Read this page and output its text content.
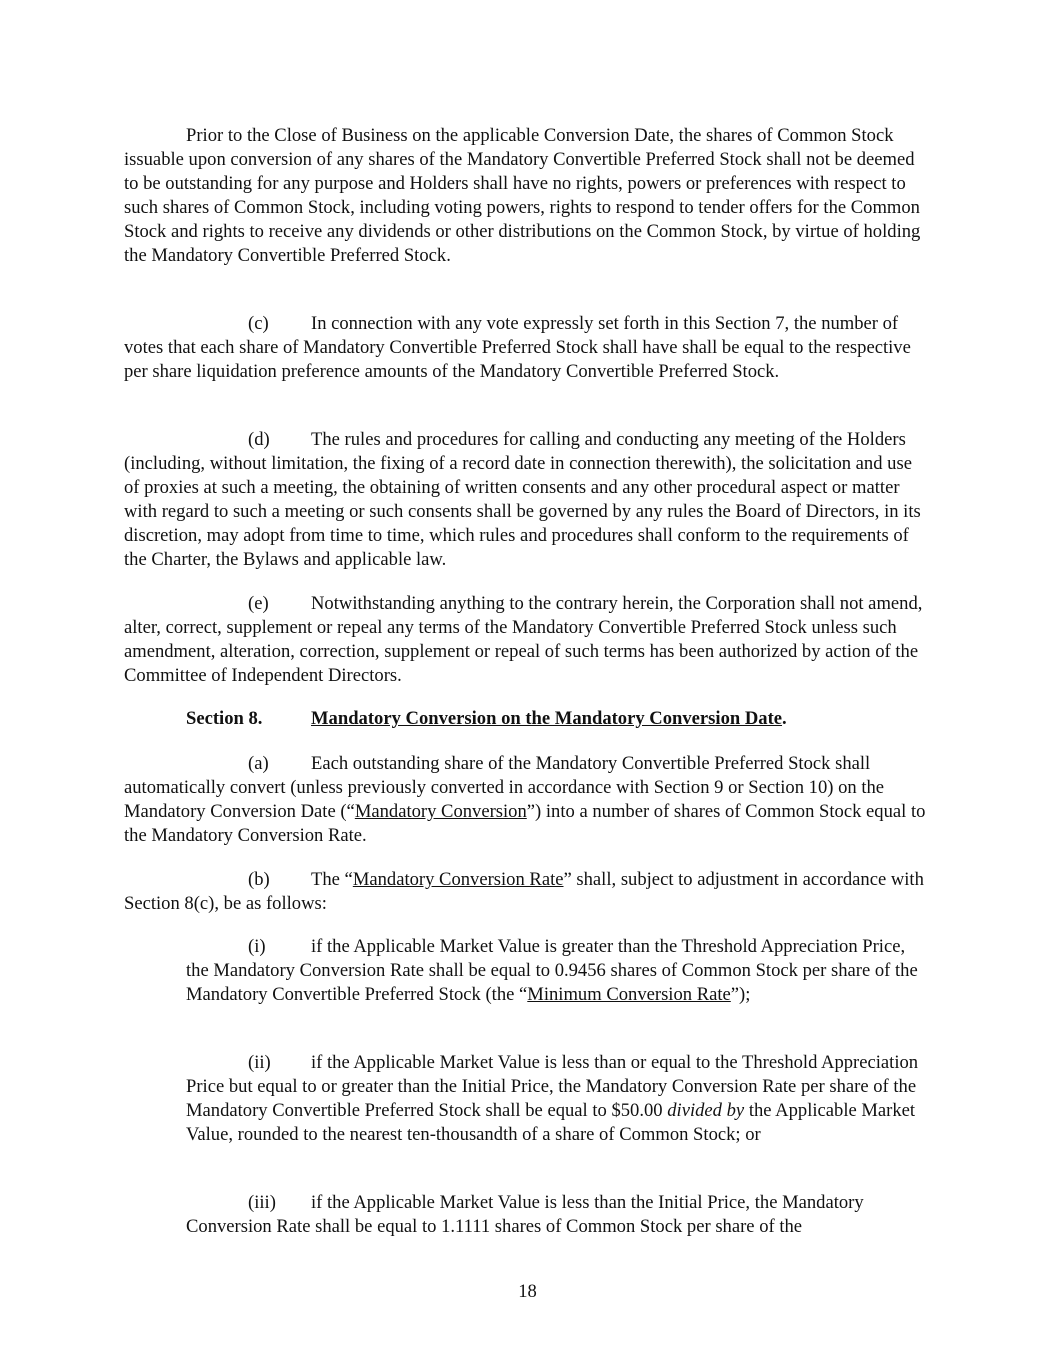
Prior to the Close of Business on the applicable Conversion Date, the shares of Common Stock issuable upon conversion of any shares of the Mandatory Convertible Preferred Stock shall not be deemed to be outstanding for any purpose and Holders shall have no rights, powers or preferences with respect to such shares of Common Stock, including voting powers, rights to respond to tender offers for the Common Stock and rights to receive any dividends or other distributions on the Common Stock, by virtue of holding the Mandatory Convertible Preferred Stock.

(c) In connection with any vote expressly set forth in this Section 7, the number of votes that each share of Mandatory Convertible Preferred Stock shall have shall be equal to the respective per share liquidation preference amounts of the Mandatory Convertible Preferred Stock.

(d) The rules and procedures for calling and conducting any meeting of the Holders (including, without limitation, the fixing of a record date in connection therewith), the solicitation and use of proxies at such a meeting, the obtaining of written consents and any other procedural aspect or matter with regard to such a meeting or such consents shall be governed by any rules the Board of Directors, in its discretion, may adopt from time to time, which rules and procedures shall conform to the requirements of the Charter, the Bylaws and applicable law.

(e) Notwithstanding anything to the contrary herein, the Corporation shall not amend, alter, correct, supplement or repeal any terms of the Mandatory Convertible Preferred Stock unless such amendment, alteration, correction, supplement or repeal of such terms has been authorized by action of the Committee of Independent Directors.

Section 8.	Mandatory Conversion on the Mandatory Conversion Date.

(a) Each outstanding share of the Mandatory Convertible Preferred Stock shall automatically convert (unless previously converted in accordance with Section 9 or Section 10) on the Mandatory Conversion Date (“Mandatory Conversion”) into a number of shares of Common Stock equal to the Mandatory Conversion Rate.

(b) The “Mandatory Conversion Rate” shall, subject to adjustment in accordance with Section 8(c), be as follows:

(i) if the Applicable Market Value is greater than the Threshold Appreciation Price, the Mandatory Conversion Rate shall be equal to 0.9456 shares of Common Stock per share of the Mandatory Convertible Preferred Stock (the “Minimum Conversion Rate”);

(ii) if the Applicable Market Value is less than or equal to the Threshold Appreciation Price but equal to or greater than the Initial Price, the Mandatory Conversion Rate per share of the Mandatory Convertible Preferred Stock shall be equal to $50.00 divided by the Applicable Market Value, rounded to the nearest ten-thousandth of a share of Common Stock; or

(iii) if the Applicable Market Value is less than the Initial Price, the Mandatory Conversion Rate shall be equal to 1.1111 shares of Common Stock per share of the

18
